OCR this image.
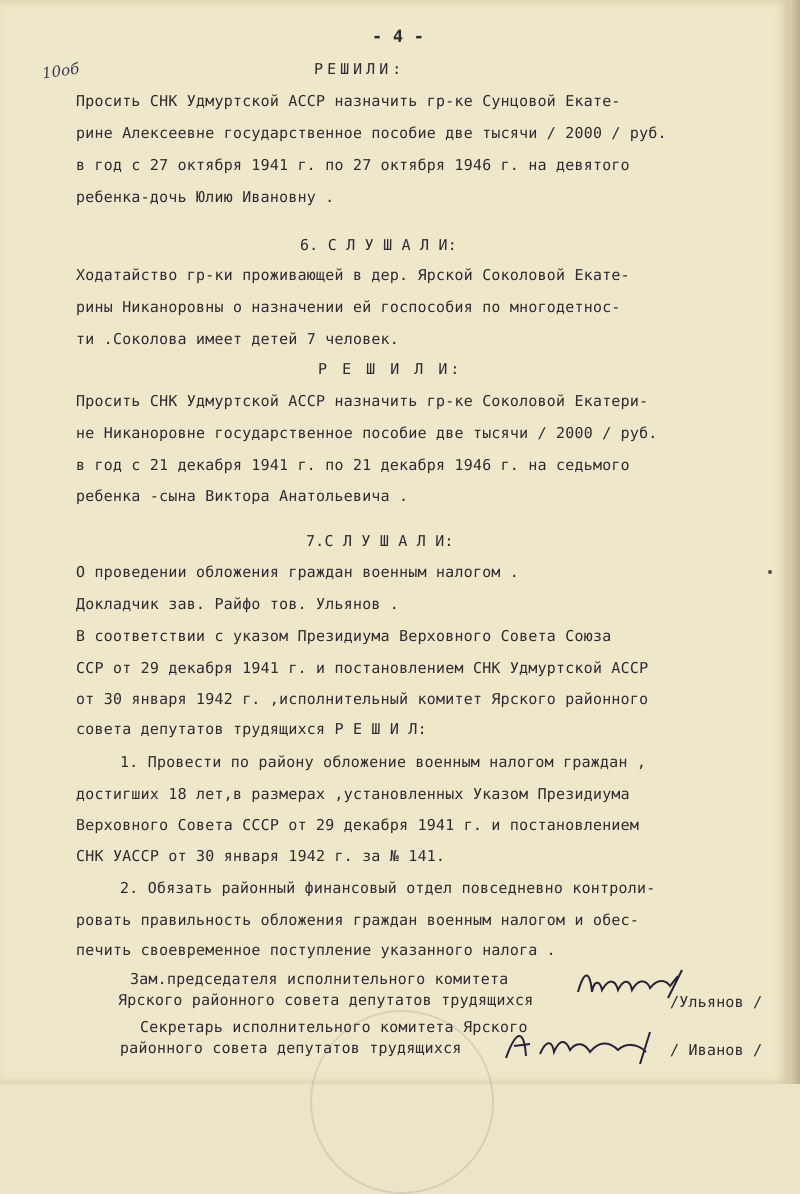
- 4 -
10об	РЕШИЛИ:
Просить СНК Удмуртской АССР назначить гр-ке Сунцовой Екате-
рине Алексеевне государственное пособие две тысячи / 2000 / руб.
в год с 27 октября 1941 г. по 27 октября 1946 г. на девятого
ребенка-дочь Юлию Ивановну .
6. С Л У Ш А Л И:
Ходатайство гр-ки проживающей в дер. Ярской Соколовой Екате-
рины Никаноровны о назначении ей госпособия по многодетнос-
ти .Соколова имеет детей 7 человек.
Р Е Ш И Л И:
Просить СНК Удмуртской АССР назначить гр-ке Соколовой Екатери-
не Никаноровне государственное пособие две тысячи / 2000 / руб.
в год с 21 декабря 1941 г. по 21 декабря 1946 г. на седьмого
ребенка -сына Виктора Анатольевича .
7.С Л У Ш А Л И:
О проведении обложения граждан военным налогом .
Докладчик зав. Райфо тов. Ульянов .
В соответствии с указом Президиума Верховного Совета Союза
ССР от 29 декабря 1941 г. и постановлением СНК Удмуртской АССР
от 30 января 1942 г. ,исполнительный комитет Ярского районного
совета депутатов трудящихся Р Е Ш И Л:
1. Провести по району обложение военным налогом граждан ,
достигших 18 лет,в размерах ,установленных Указом Президиума
Верховного Совета СССР от 29 декабря 1941 г. и постановлением
СНК УАССР от 30 января 1942 г. за № 141.
2. Обязать районный финансовый отдел повседневно контроли-
ровать правильность обложения граждан военным налогом и обес-
печить своевременное поступление указанного налога .
Зам.председателя исполнительного комитета
Ярского районного совета депутатов трудящихся	/Ульянов /
Секретарь исполнительного комитета Ярского
районного совета депутатов трудящихся	/ Иванов /
